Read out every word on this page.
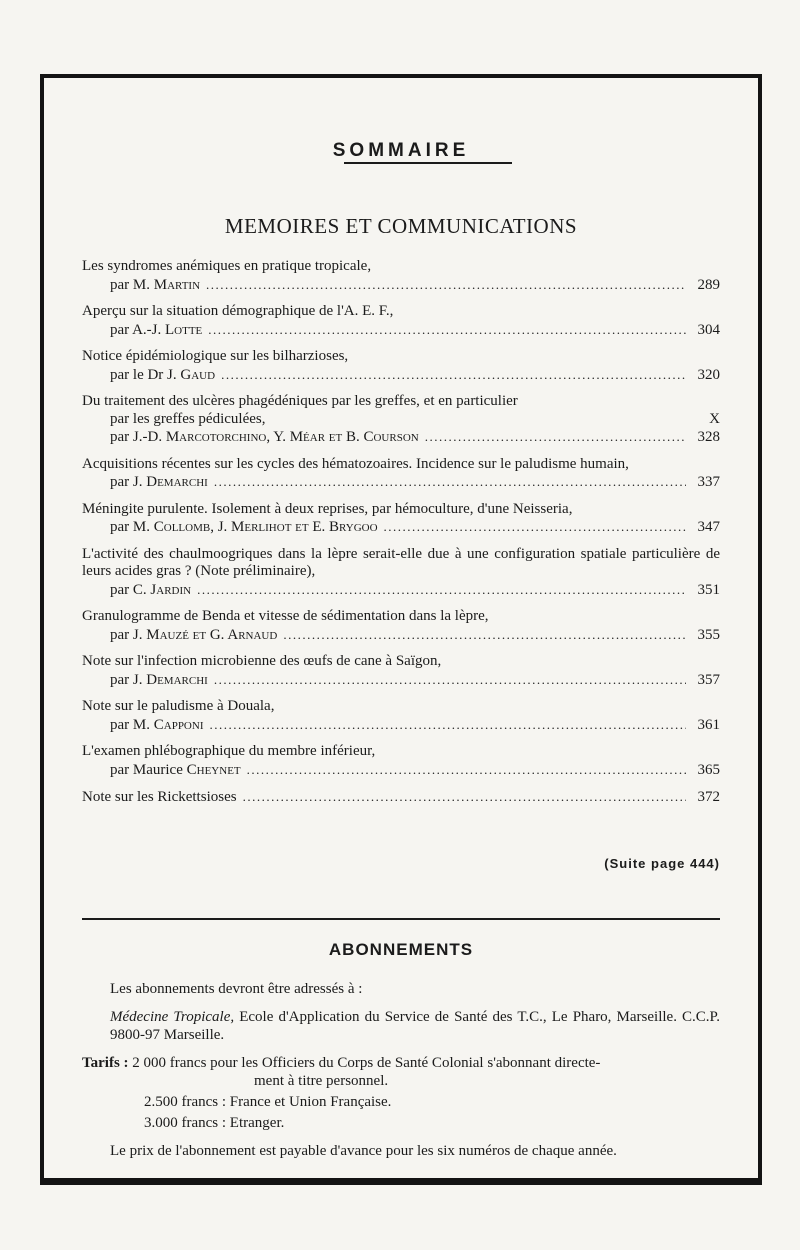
SOMMAIRE
MEMOIRES ET COMMUNICATIONS
Les syndromes anémiques en pratique tropicale,
par M. Martin .....	289
Aperçu sur la situation démographique de l'A. E. F.,
par A.-J. Lotte .....	304
Notice épidémiologique sur les bilharzioses,
par le Dr J. Gaud .....	320
Du traitement des ulcères phagédéniques par les greffes, et en particulier
par les greffes pédiculées,	X
par J.-D. Marcotorchino, Y. Méar et B. Courson .....	328
Acquisitions récentes sur les cycles des hématozoaires. Incidence sur le paludisme humain,
par J. Demarchi .....	337
Méningite purulente. Isolement à deux reprises, par hémoculture, d'une Neisseria,
par M. Collomb, J. Merlihot et E. Brygoo .....	347
L'activité des chaulmoogriques dans la lèpre serait-elle due à une configuration spatiale particulière de leurs acides gras ? (Note préliminaire),
par C. Jardin .....	351
Granulogramme de Benda et vitesse de sédimentation dans la lèpre,
par J. Mauzé et G. Arnaud .....	355
Note sur l'infection microbienne des œufs de cane à Saïgon,
par J. Demarchi .....	357
Note sur le paludisme à Douala,
par M. Capponi .....	361
L'examen phlébographique du membre inférieur,
par Maurice Cheynet .....	365
Note sur les Rickettsioses .....	372
(Suite page 444)
ABONNEMENTS

Les abonnements devront être adressés à :

Médecine Tropicale, Ecole d'Application du Service de Santé des T.C., Le Pharo, Marseille. C.C.P. 9800-97 Marseille.

Tarifs : 2 000 francs pour les Officiers du Corps de Santé Colonial s'abonnant directe-

ment à titre personnel.

2.500 francs : France et Union Française.

3.000 francs : Etranger.

Le prix de l'abonnement est payable d'avance pour les six numéros de chaque année.
